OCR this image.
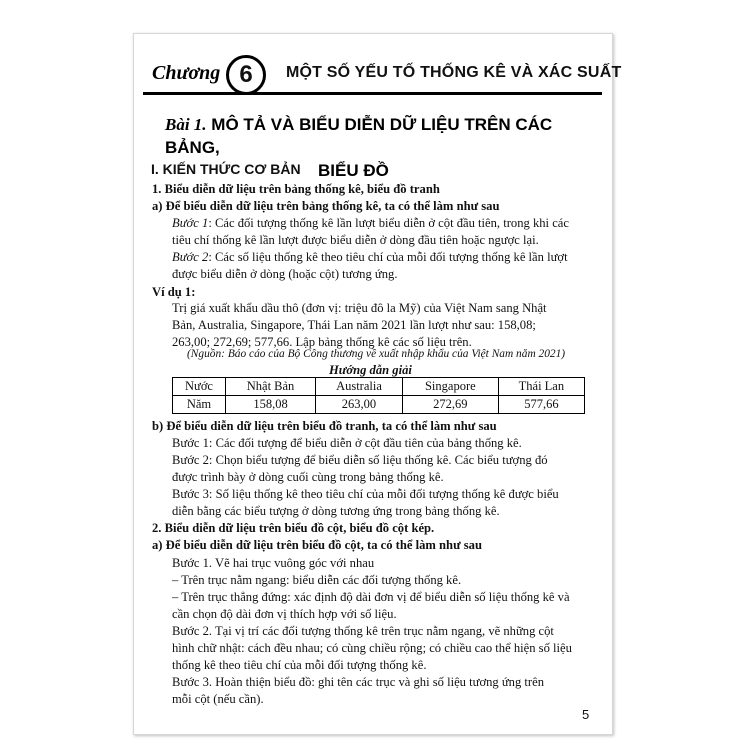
Chương 6	MỘT SỐ YẾU TỐ THỐNG KÊ VÀ XÁC SUẤT
Bài 1. MÔ TẢ VÀ BIỂU DIỄN DỮ LIỆU TRÊN CÁC BẢNG,
BIỂU ĐỒ
I. KIẾN THỨC CƠ BẢN
1. Biểu diễn dữ liệu trên bảng thống kê, biểu đồ tranh
a) Để biểu diễn dữ liệu trên bảng thống kê, ta có thể làm như sau
Bước 1: Các đối tượng thống kê lần lượt biểu diễn ở cột đầu tiên, trong khi các
tiêu chí thống kê lần lượt được biểu diễn ở dòng đầu tiên hoặc ngược lại.
Bước 2: Các số liệu thống kê theo tiêu chí của mỗi đối tượng thống kê lần lượt
được biểu diễn ở dòng (hoặc cột) tương ứng.
Ví dụ 1:
Trị giá xuất khẩu dầu thô (đơn vị: triệu đô la Mỹ) của Việt Nam sang Nhật
Bản, Australia, Singapore, Thái Lan năm 2021 lần lượt như sau: 158,08;
263,00; 272,69; 577,66. Lập bảng thống kê các số liệu trên.
(Nguồn: Báo cáo của Bộ Công thương về xuất nhập khẩu của Việt Nam năm 2021)
Hướng dẫn giải
Nước	Nhật Bản	Australia	Singapore	Thái Lan
Năm	158,08	263,00	272,69	577,66
b) Để biểu diễn dữ liệu trên biểu đồ tranh, ta có thể làm như sau
Bước 1: Các đối tượng để biểu diễn ở cột đầu tiên của bảng thống kê.
Bước 2: Chọn biểu tượng để biểu diễn số liệu thống kê. Các biểu tượng đó
được trình bày ở dòng cuối cùng trong bảng thống kê.
Bước 3: Số liệu thống kê theo tiêu chí của mỗi đối tượng thống kê được biểu
diễn bằng các biểu tượng ở dòng tương ứng trong bảng thống kê.
2. Biểu diễn dữ liệu trên biểu đồ cột, biểu đồ cột kép.
a) Để biểu diễn dữ liệu trên biểu đồ cột, ta có thể làm như sau
Bước 1. Vẽ hai trục vuông góc với nhau
– Trên trục nằm ngang: biểu diễn các đối tượng thống kê.
– Trên trục thẳng đứng: xác định độ dài đơn vị để biểu diễn số liệu thống kê và
cần chọn độ dài đơn vị thích hợp với số liệu.
Bước 2. Tại vị trí các đối tượng thống kê trên trục nằm ngang, vẽ những cột
hình chữ nhật: cách đều nhau; có cùng chiều rộng; có chiều cao thể hiện số liệu
thống kê theo tiêu chí của mỗi đối tượng thống kê.
Bước 3. Hoàn thiện biểu đồ: ghi tên các trục và ghi số liệu tương ứng trên
mỗi cột (nếu cần).
5
